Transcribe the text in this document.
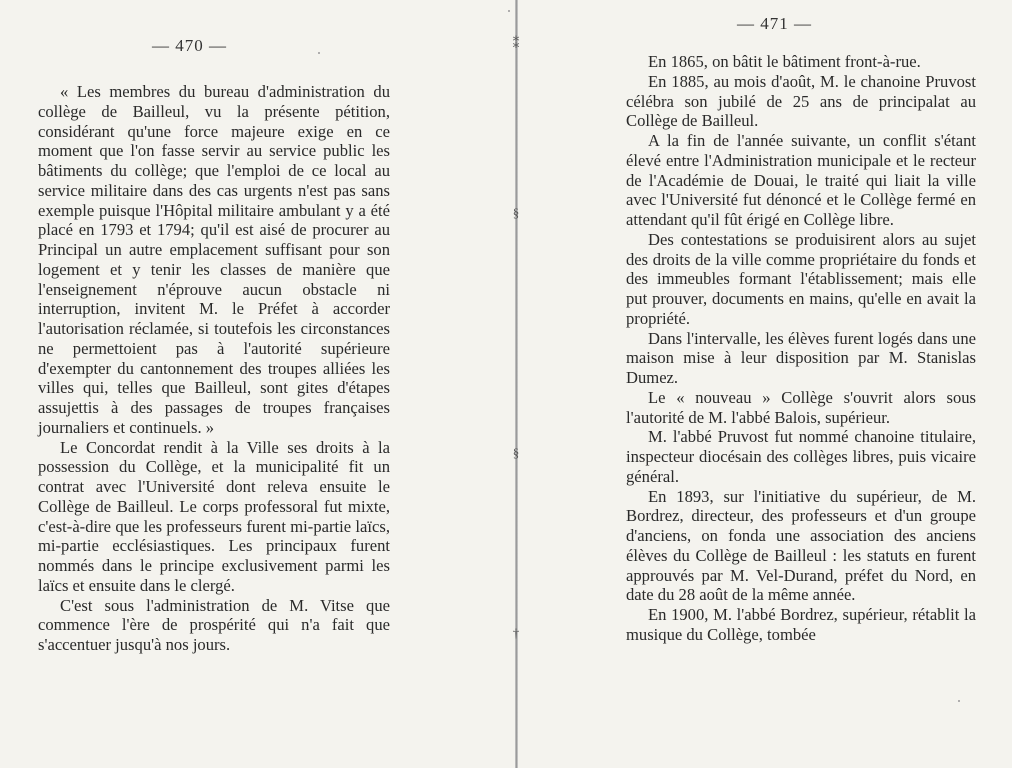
— 470 —

« Les membres du bureau d'administration du collège de Bailleul, vu la présente pétition, considérant qu'une force majeure exige en ce moment que l'on fasse servir au service public les bâtiments du collège; que l'emploi de ce local au service militaire dans des cas urgents n'est pas sans exemple puisque l'Hôpital militaire ambulant y a été placé en 1793 et 1794; qu'il est aisé de procurer au Principal un autre emplacement suffisant pour son logement et y tenir les classes de manière que l'enseignement n'éprouve aucun obstacle ni interruption, invitent M. le Préfet à accorder l'autorisation réclamée, si toutefois les circonstances ne permettoient pas à l'autorité supérieure d'exempter du cantonnement des troupes alliées les villes qui, telles que Bailleul, sont gites d'étapes assujettis à des passages de troupes françaises journaliers et continuels. »

Le Concordat rendit à la Ville ses droits à la possession du Collège, et la municipalité fit un contrat avec l'Université dont releva ensuite le Collège de Bailleul. Le corps professoral fut mixte, c'est-à-dire que les professeurs furent mi-partie laïcs, mi-partie ecclésiastiques. Les principaux furent nommés dans le principe exclusivement parmi les laïcs et ensuite dans le clergé.

C'est sous l'administration de M. Vitse que commence l'ère de prospérité qui n'a fait que s'accentuer jusqu'à nos jours.

⁑
§
§
†
— 471 —

En 1865, on bâtit le bâtiment front-à-rue.

En 1885, au mois d'août, M. le chanoine Pruvost célébra son jubilé de 25 ans de principalat au Collège de Bailleul.

A la fin de l'année suivante, un conflit s'étant élevé entre l'Administration municipale et le recteur de l'Académie de Douai, le traité qui liait la ville avec l'Université fut dénoncé et le Collège fermé en attendant qu'il fût érigé en Collège libre.

Des contestations se produisirent alors au sujet des droits de la ville comme propriétaire du fonds et des immeubles formant l'établissement; mais elle put prouver, documents en mains, qu'elle en avait la propriété.

Dans l'intervalle, les élèves furent logés dans une maison mise à leur disposition par M. Stanislas Dumez.

Le « nouveau » Collège s'ouvrit alors sous l'autorité de M. l'abbé Balois, supérieur.

M. l'abbé Pruvost fut nommé chanoine titulaire, inspecteur diocésain des collèges libres, puis vicaire général.

En 1893, sur l'initiative du supérieur, de M. Bordrez, directeur, des professeurs et d'un groupe d'anciens, on fonda une association des anciens élèves du Collège de Bailleul : les statuts en furent approuvés par M. Vel-Durand, préfet du Nord, en date du 28 août de la même année.

En 1900, M. l'abbé Bordrez, supérieur, rétablit la musique du Collège, tombée
